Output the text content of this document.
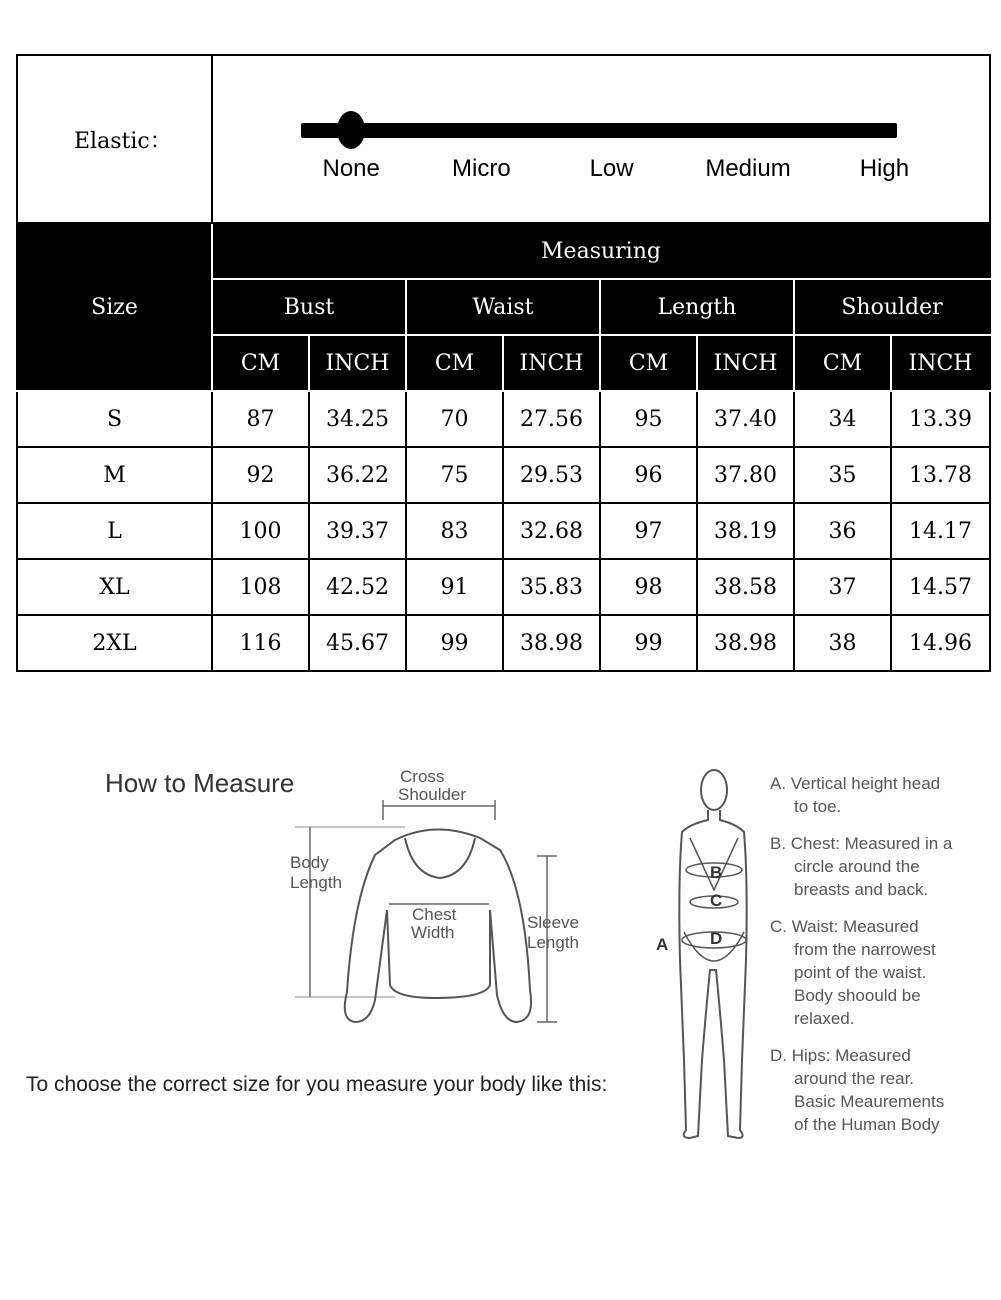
Elastic：	None Micro Low Medium High							

Size	Measuring							
	Bust		Waist		Length		Shoulder	
	CM	INCH	CM	INCH	CM	INCH	CM	INCH
S	87	34.25	70	27.56	95	37.40	34	13.39
M	92	36.22	75	29.53	96	37.80	35	13.78
L	100	39.37	83	32.68	97	38.19	36	14.17
XL	108	42.52	91	35.83	98	38.58	37	14.57
2XL	116	45.67	99	38.98	99	38.98	38	14.96
How to Measure	Cross
Shoulder
Body
Length
Chest
Width
Sleeve
Length
To choose the correct size for you measure your body like this:
B
C
D
A
A. Vertical height head
to toe.
B. Chest: Measured in a
circle around the
breasts and back.
C. Waist: Measured
from the narrowest
point of the waist.
Body shoould be
relaxed.
D. Hips: Measured
around the rear.
Basic Meaurements
of the Human Body
